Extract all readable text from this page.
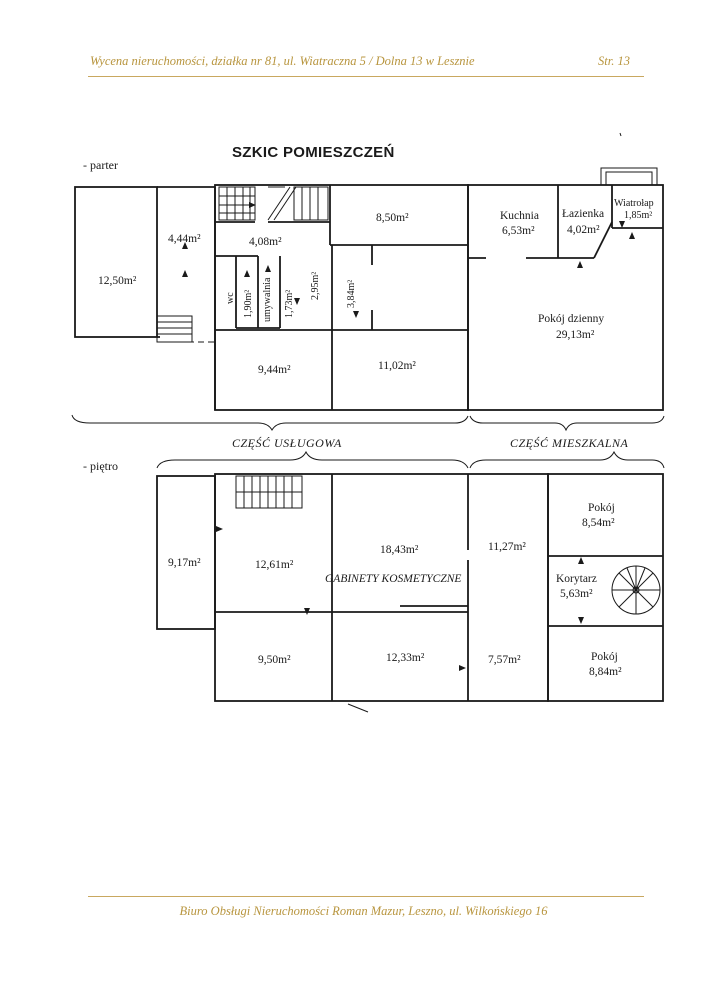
Wycena nieruchomości, działka nr 81, ul. Wiatraczna 5 / Dolna 13 w Lesznie	Str. 13
SZKIC POMIESZCZEŃ
- parter
- piętro
12,50m²
4,44m²	4,08m²
8,50m²
wc 1,90m² umywalnia 1,73m²
2,95m²	3,84m²
9,44m²	11,02m²
Kuchnia
6,53m²
Łazienka
4,02m²
Wiatrołap
1,85m²
Pokój dzienny
29,13m²
CZĘŚĆ USŁUGOWA	CZĘŚĆ MIESZKALNA
9,17m²	12,61m²
18,43m²	11,27m²
GABINETY KOSMETYCZNE
Pokój
8,54m²
Korytarz
5,63m²
Pokój
8,84m²
9,50m²	12,33m²	7,57m²
Biuro Obsługi Nieruchomości Roman Mazur, Leszno, ul. Wilkońskiego 16
